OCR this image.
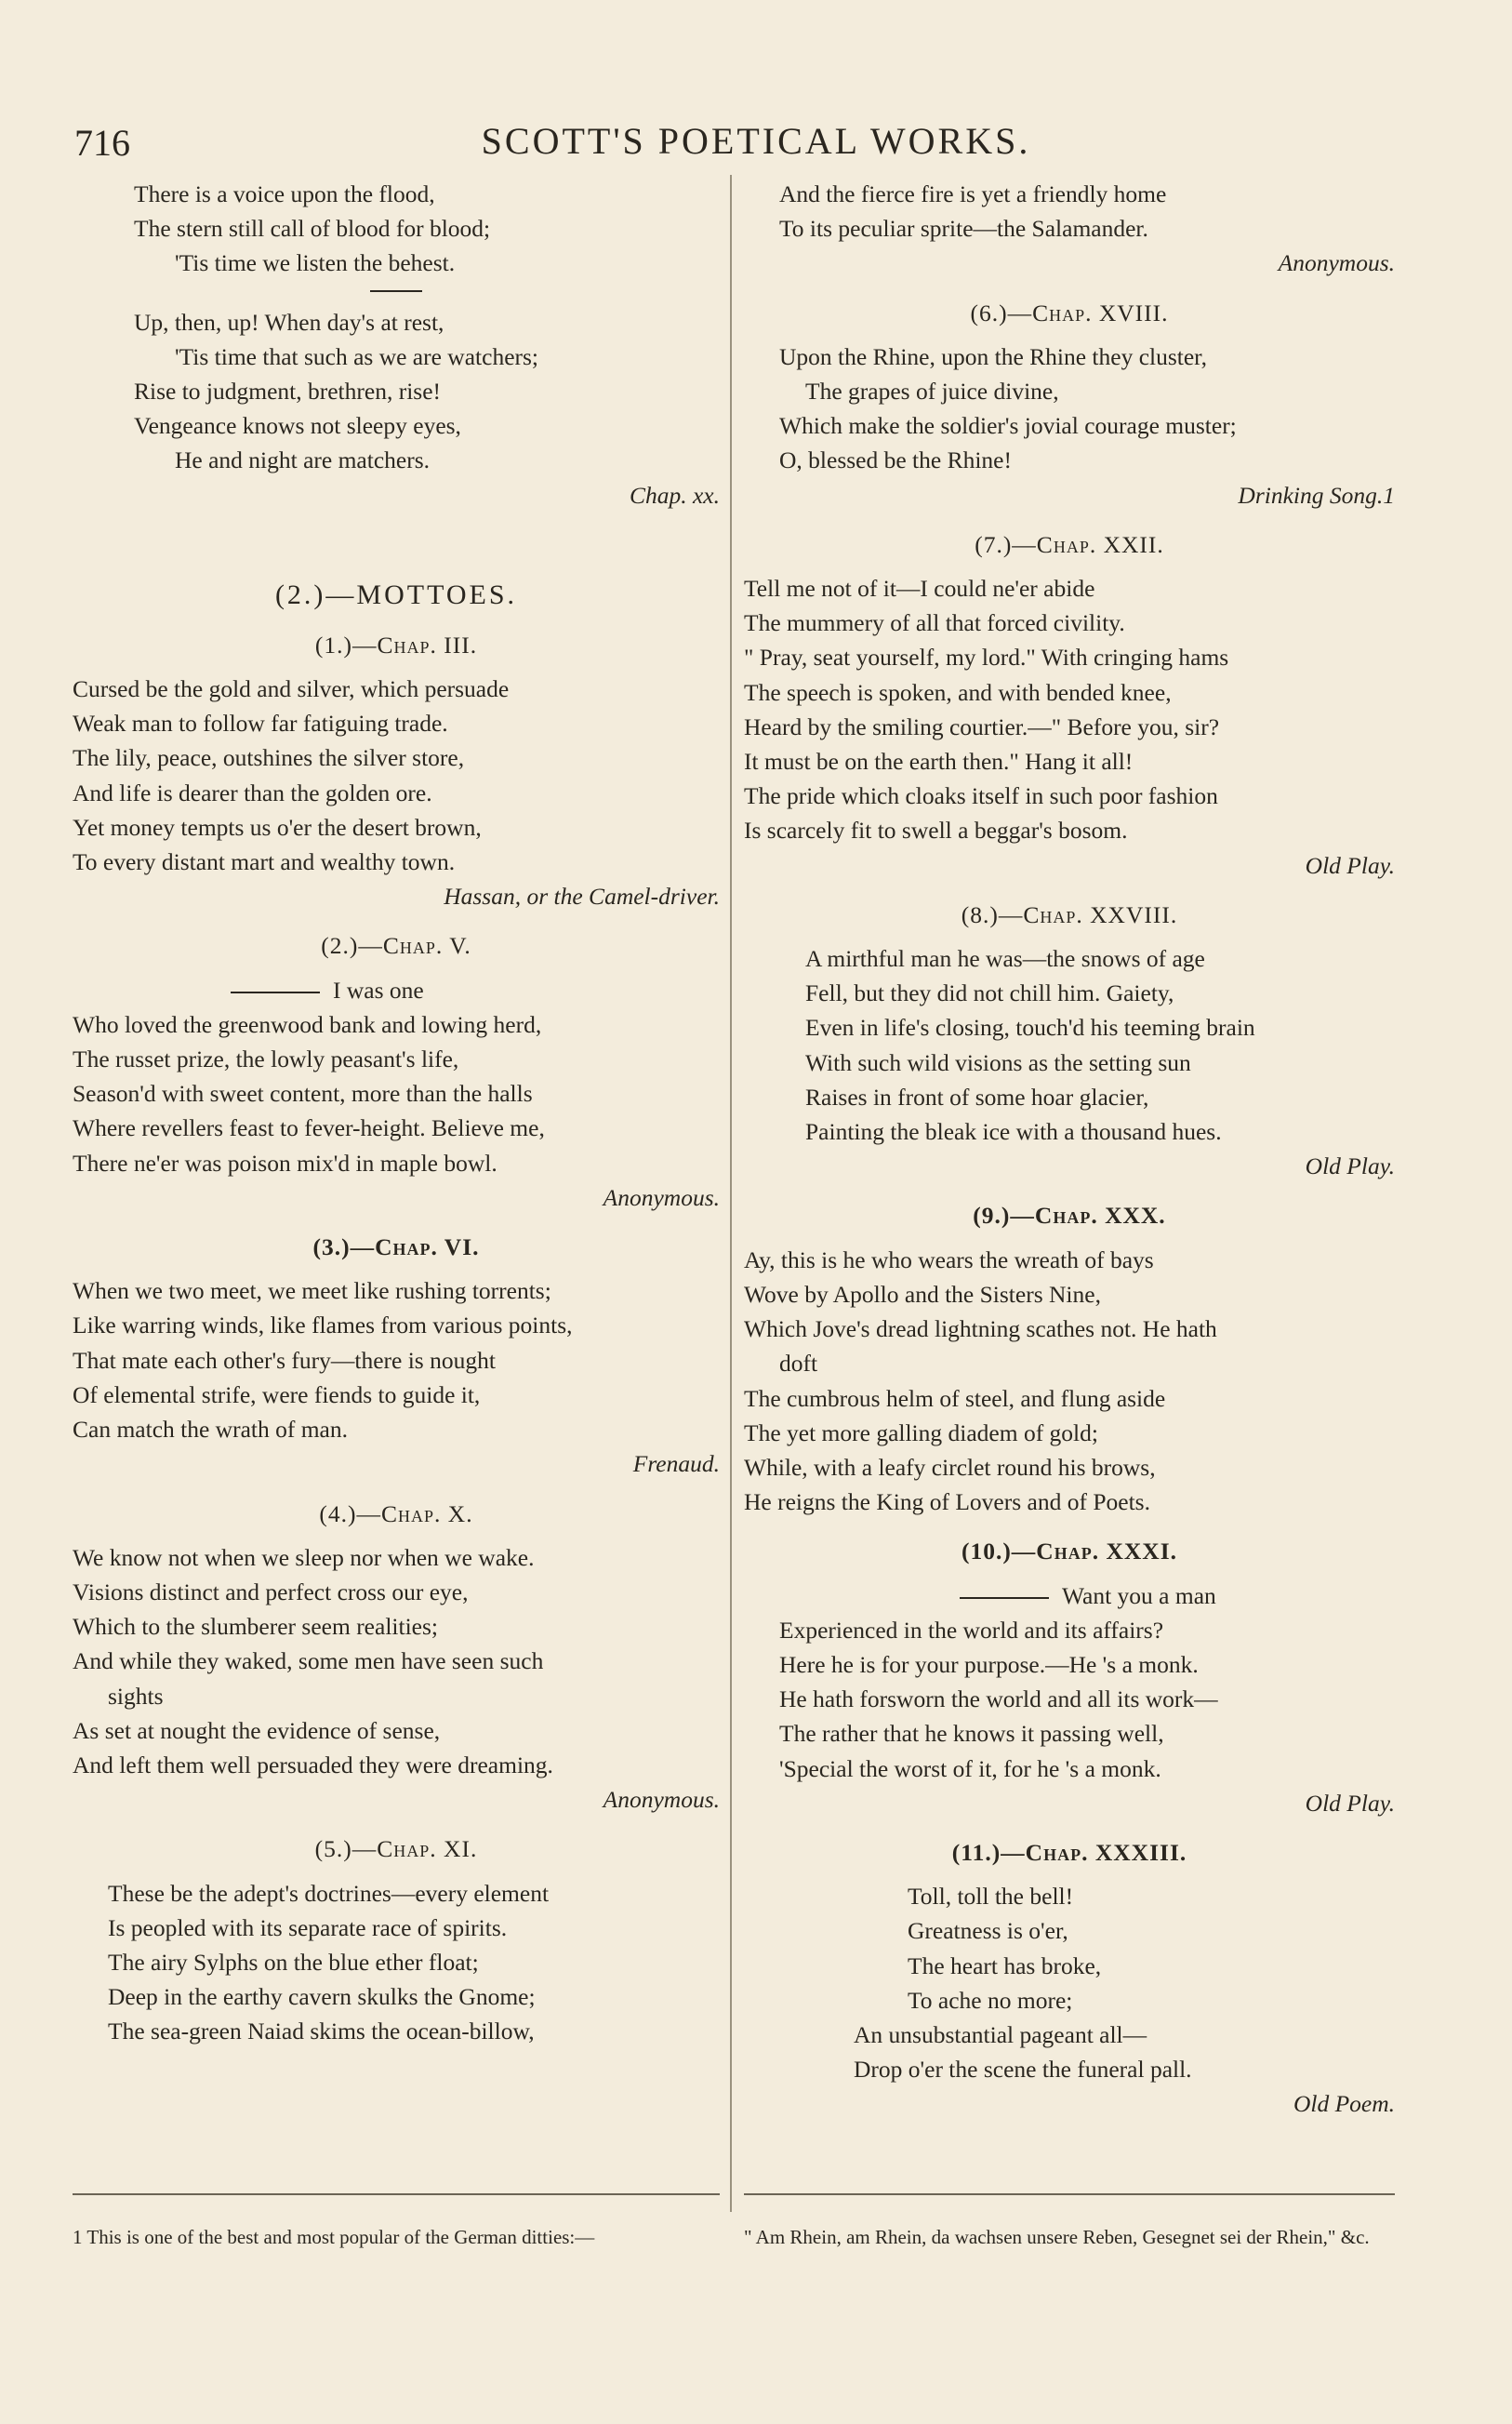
716	SCOTT'S POETICAL WORKS.
There is a voice upon the flood,
The stern still call of blood for blood;
'Tis time we listen the behest.
Up, then, up! When day's at rest,
'Tis time that such as we are watchers;
Rise to judgment, brethren, rise!
Vengeance knows not sleepy eyes,
He and night are matchers.
Chap. xx.
(2.)—MOTTOES.
(1.)—Chap. III.
Cursed be the gold and silver, which persuade
Weak man to follow far fatiguing trade.
The lily, peace, outshines the silver store,
And life is dearer than the golden ore.
Yet money tempts us o'er the desert brown,
To every distant mart and wealthy town.
Hassan, or the Camel-driver.
(2.)—Chap. V.
I was one
Who loved the greenwood bank and lowing herd,
The russet prize, the lowly peasant's life,
Season'd with sweet content, more than the halls
Where revellers feast to fever-height. Believe me,
There ne'er was poison mix'd in maple bowl.
Anonymous.
(3.)—Chap. VI.
When we two meet, we meet like rushing torrents;
Like warring winds, like flames from various points,
That mate each other's fury—there is nought
Of elemental strife, were fiends to guide it,
Can match the wrath of man.
Frenaud.
(4.)—Chap. X.
We know not when we sleep nor when we wake.
Visions distinct and perfect cross our eye,
Which to the slumberer seem realities;
And while they waked, some men have seen such
sights
As set at nought the evidence of sense,
And left them well persuaded they were dreaming.
Anonymous.
(5.)—Chap. XI.
These be the adept's doctrines—every element
Is peopled with its separate race of spirits.
The airy Sylphs on the blue ether float;
Deep in the earthy cavern skulks the Gnome;
The sea-green Naiad skims the ocean-billow,
And the fierce fire is yet a friendly home
To its peculiar sprite—the Salamander.
Anonymous.
(6.)—Chap. XVIII.
Upon the Rhine, upon the Rhine they cluster,
The grapes of juice divine,
Which make the soldier's jovial courage muster;
O, blessed be the Rhine!
Drinking Song.1
(7.)—Chap. XXII.
Tell me not of it—I could ne'er abide
The mummery of all that forced civility.
" Pray, seat yourself, my lord." With cringing hams
The speech is spoken, and with bended knee,
Heard by the smiling courtier.—" Before you, sir?
It must be on the earth then." Hang it all!
The pride which cloaks itself in such poor fashion
Is scarcely fit to swell a beggar's bosom.
Old Play.
(8.)—Chap. XXVIII.
A mirthful man he was—the snows of age
Fell, but they did not chill him. Gaiety,
Even in life's closing, touch'd his teeming brain
With such wild visions as the setting sun
Raises in front of some hoar glacier,
Painting the bleak ice with a thousand hues.
Old Play.
(9.)—Chap. XXX.
Ay, this is he who wears the wreath of bays
Wove by Apollo and the Sisters Nine,
Which Jove's dread lightning scathes not. He hath
doft
The cumbrous helm of steel, and flung aside
The yet more galling diadem of gold;
While, with a leafy circlet round his brows,
He reigns the King of Lovers and of Poets.
(10.)—Chap. XXXI.
Want you a man
Experienced in the world and its affairs?
Here he is for your purpose.—He 's a monk.
He hath forsworn the world and all its work—
The rather that he knows it passing well,
'Special the worst of it, for he 's a monk.
Old Play.
(11.)—Chap. XXXIII.
Toll, toll the bell!
Greatness is o'er,
The heart has broke,
To ache no more;
An unsubstantial pageant all—
Drop o'er the scene the funeral pall.
Old Poem.
1 This is one of the best and most popular of the German ditties:—	" Am Rhein, am Rhein, da wachsen unsere Reben, Gesegnet sei der Rhein," &c.
